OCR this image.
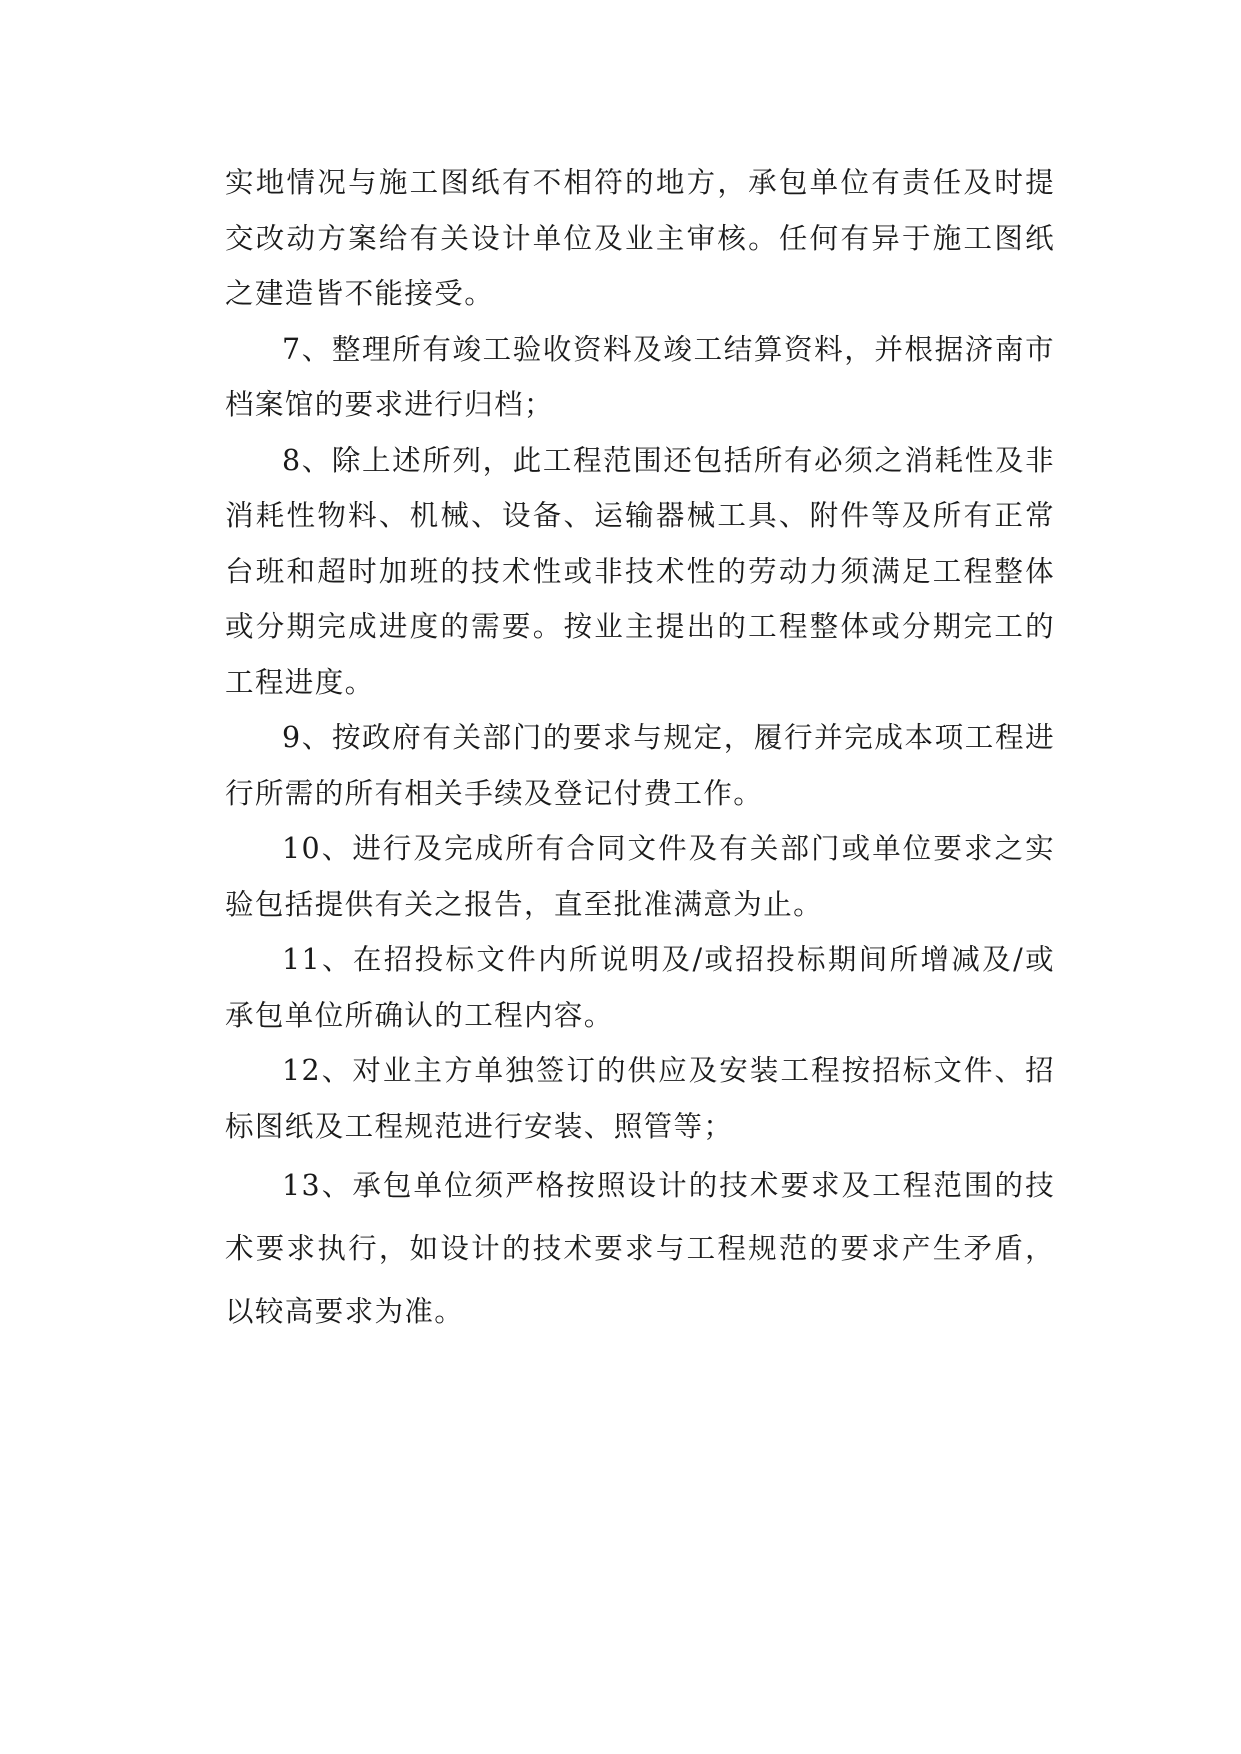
实地情况与施工图纸有不相符的地方，承包单位有责任及时提交改动方案给有关设计单位及业主审核。任何有异于施工图纸之建造皆不能接受。

7、整理所有竣工验收资料及竣工结算资料，并根据济南市档案馆的要求进行归档；

8、除上述所列，此工程范围还包括所有必须之消耗性及非消耗性物料、机械、设备、运输器械工具、附件等及所有正常台班和超时加班的技术性或非技术性的劳动力须满足工程整体或分期完成进度的需要。按业主提出的工程整体或分期完工的工程进度。

9、按政府有关部门的要求与规定，履行并完成本项工程进行所需的所有相关手续及登记付费工作。

10、进行及完成所有合同文件及有关部门或单位要求之实验包括提供有关之报告，直至批准满意为止。

11、在招投标文件内所说明及/或招投标期间所增减及/或承包单位所确认的工程内容。

12、对业主方单独签订的供应及安装工程按招标文件、招标图纸及工程规范进行安装、照管等；

13、承包单位须严格按照设计的技术要求及工程范围的技术要求执行，如设计的技术要求与工程规范的要求产生矛盾，以较高要求为准。
